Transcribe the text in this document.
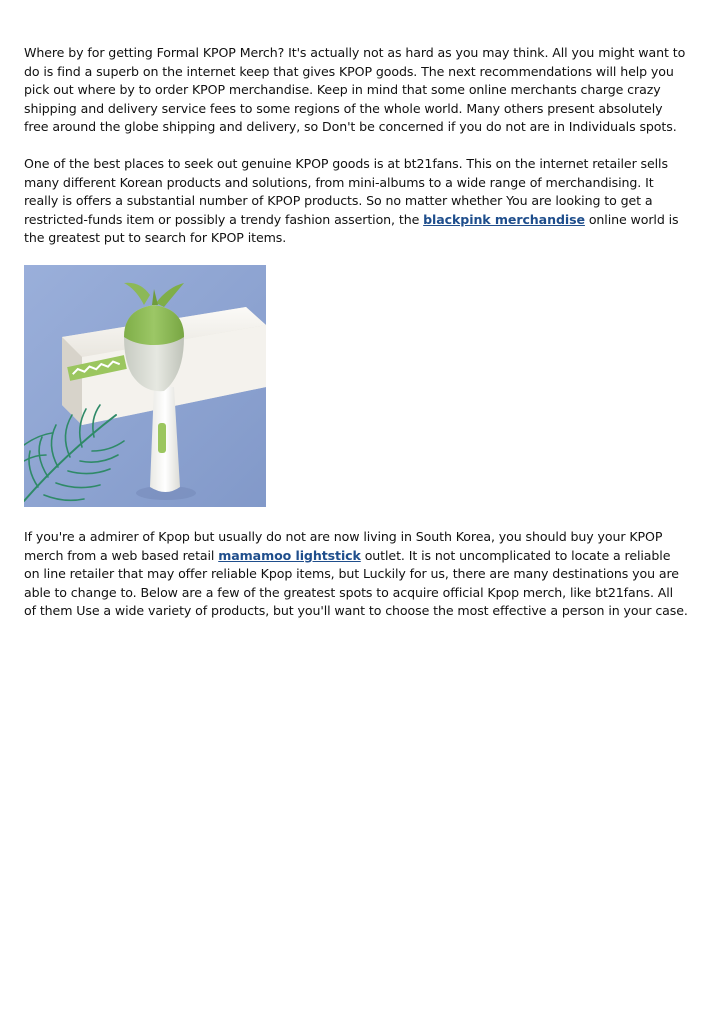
Where by for getting Formal KPOP Merch? It's actually not as hard as you may think. All you might want to do is find a superb on the internet keep that gives KPOP goods. The next recommendations will help you pick out where by to order KPOP merchandise. Keep in mind that some online merchants charge crazy shipping and delivery service fees to some regions of the whole world. Many others present absolutely free around the globe shipping and delivery, so Don't be concerned if you do not are in Individuals spots.

One of the best places to seek out genuine KPOP goods is at bt21fans. This on the internet retailer sells many different Korean products and solutions, from mini-albums to a wide range of merchandising. It really is offers a substantial number of KPOP products. So no matter whether You are looking to get a restricted-funds item or possibly a trendy fashion assertion, the blackpink merchandise online world is the greatest put to search for KPOP items.

If you're a admirer of Kpop but usually do not are now living in South Korea, you should buy your KPOP merch from a web based retail mamamoo lightstick outlet. It is not uncomplicated to locate a reliable on line retailer that may offer reliable Kpop items, but Luckily for us, there are many destinations you are able to change to. Below are a few of the greatest spots to acquire official Kpop merch, like bt21fans. All of them Use a wide variety of products, but you'll want to choose the most effective a person in your case.
